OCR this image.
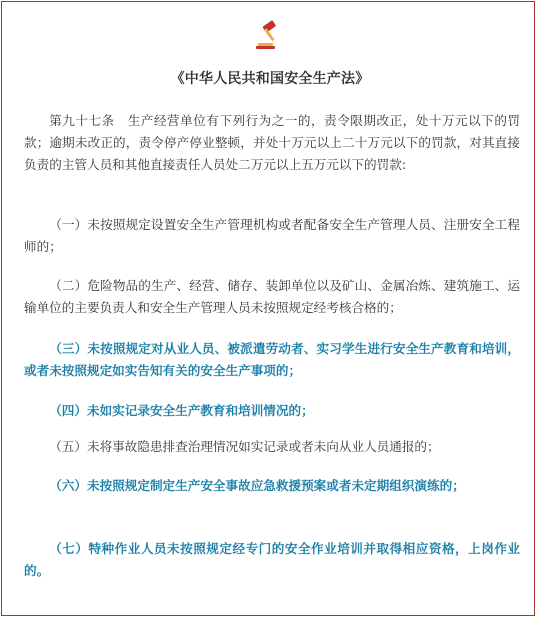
《中华人民共和国安全生产法》

第九十七条　生产经营单位有下列行为之一的，责令限期改正，处十万元以下的罚款；逾期未改正的，责令停产停业整顿，并处十万元以上二十万元以下的罚款，对其直接负责的主管人员和其他直接责任人员处二万元以上五万元以下的罚款:

（一）未按照规定设置安全生产管理机构或者配备安全生产管理人员、注册安全工程师的；

（二）危险物品的生产、经营、储存、装卸单位以及矿山、金属冶炼、建筑施工、运输单位的主要负责人和安全生产管理人员未按照规定经考核合格的；

（三）未按照规定对从业人员、被派遣劳动者、实习学生进行安全生产教育和培训，或者未按照规定如实告知有关的安全生产事项的；

（四）未如实记录安全生产教育和培训情况的；

（五）未将事故隐患排查治理情况如实记录或者未向从业人员通报的；

（六）未按照规定制定生产安全事故应急救援预案或者未定期组织演练的；

（七）特种作业人员未按照规定经专门的安全作业培训并取得相应资格，上岗作业的。
